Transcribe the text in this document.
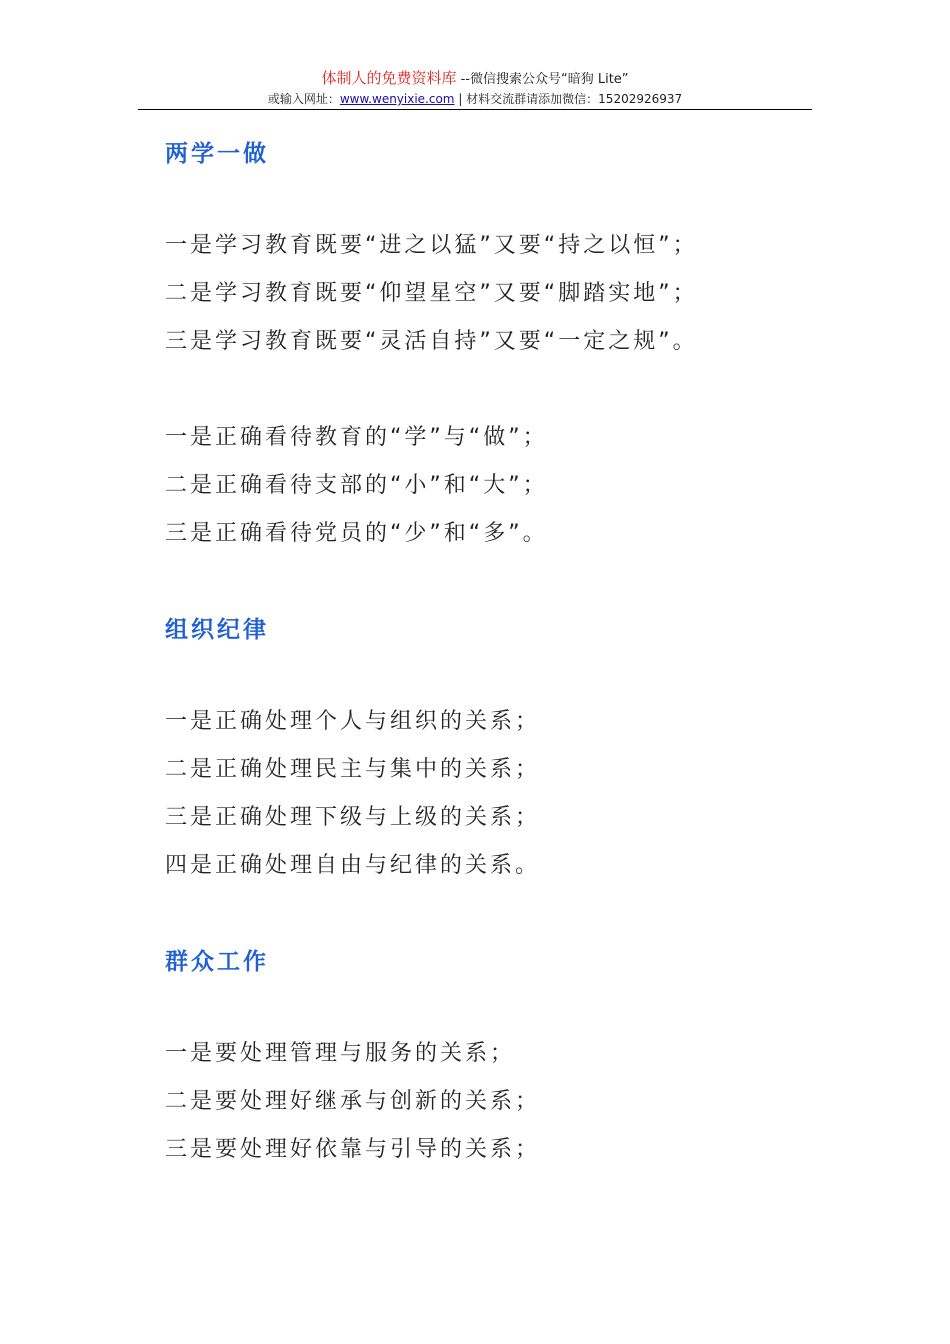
体制人的免费资料库 --微信搜索公众号“暗狗 Lite”
或输入网址：www.wenyixie.com | 材料交流群请添加微信：15202926937
两学一做
一是学习教育既要“进之以猛”又要“持之以恒”；
二是学习教育既要“仰望星空”又要“脚踏实地”；
三是学习教育既要“灵活自持”又要“一定之规”。
一是正确看待教育的“学”与“做”；
二是正确看待支部的“小”和“大”；
三是正确看待党员的“少”和“多”。
组织纪律
一是正确处理个人与组织的关系；
二是正确处理民主与集中的关系；
三是正确处理下级与上级的关系；
四是正确处理自由与纪律的关系。
群众工作
一是要处理管理与服务的关系；
二是要处理好继承与创新的关系；
三是要处理好依靠与引导的关系；
